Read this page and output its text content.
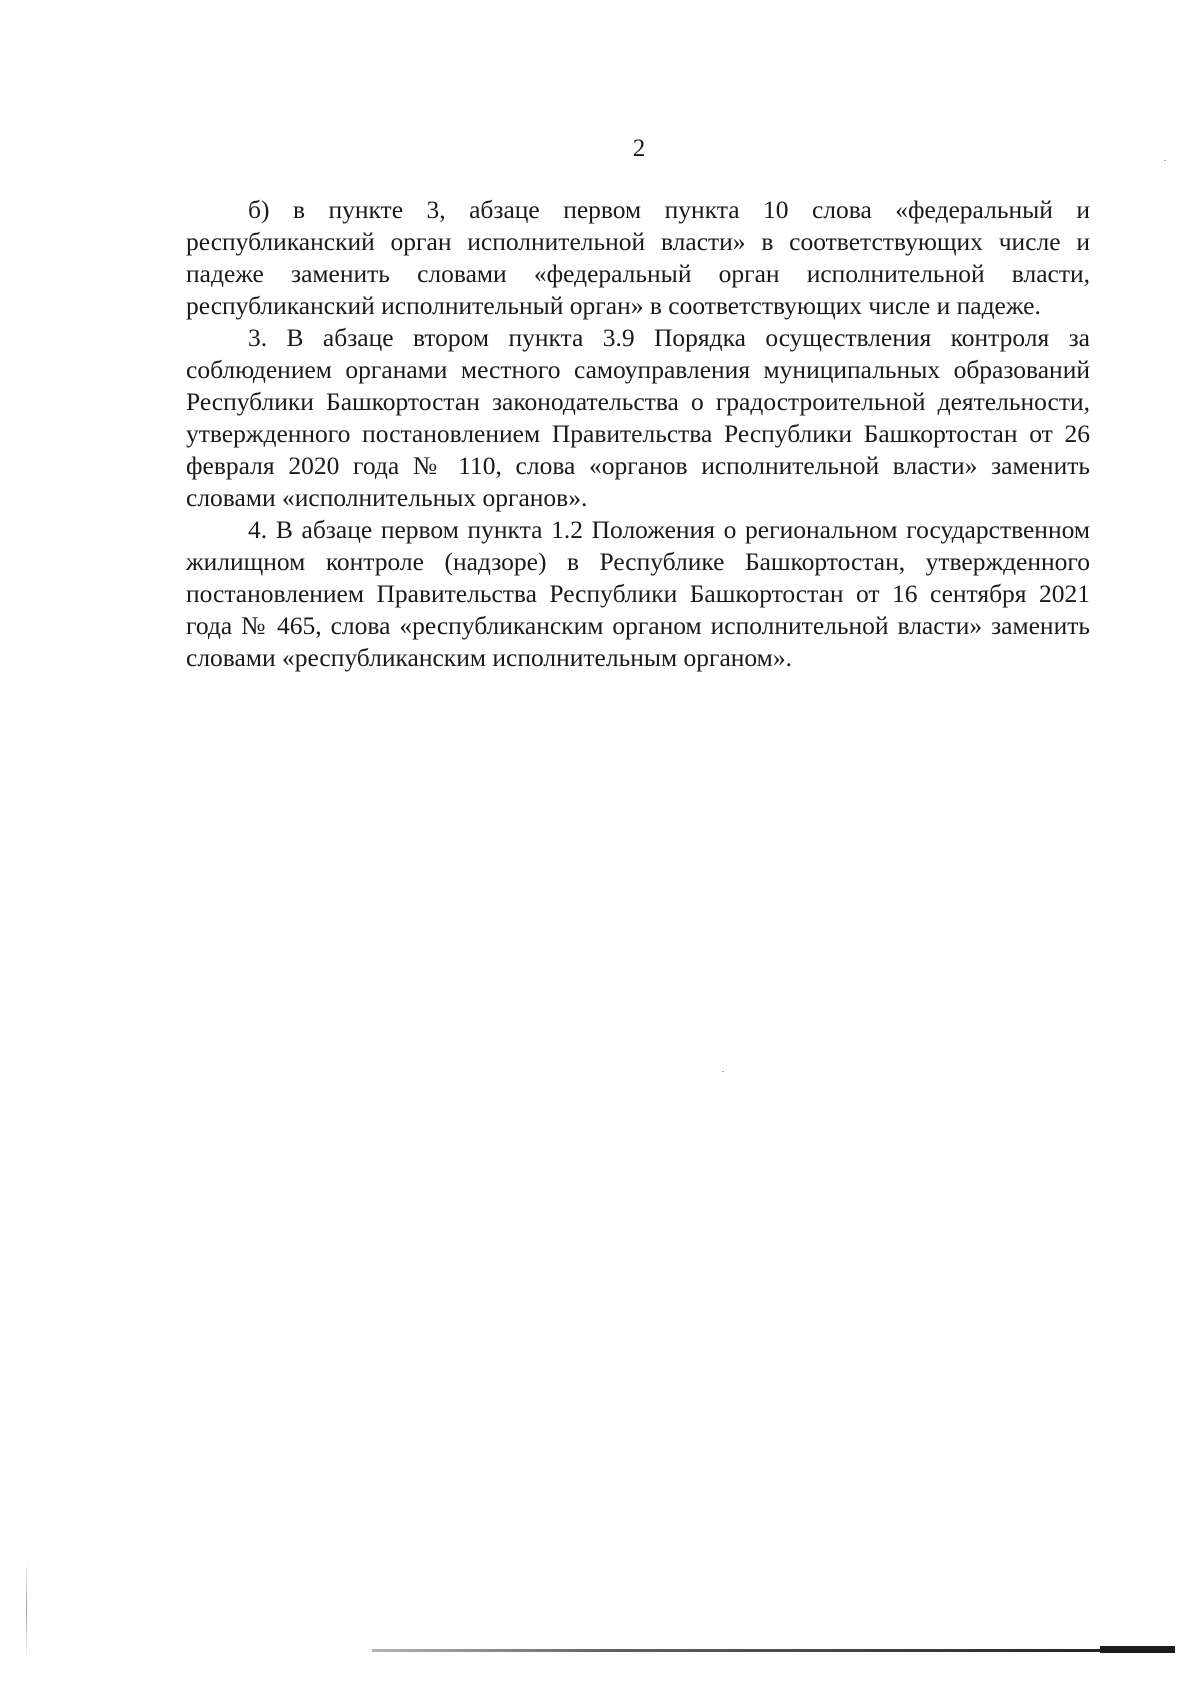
2

б) в пункте 3, абзаце первом пункта 10 слова «федеральный и республиканский орган исполнительной власти» в соответствующих числе и падеже заменить словами «федеральный орган исполнительной власти, республиканский исполнительный орган» в соответствующих числе и падеже.

3. В абзаце втором пункта 3.9 Порядка осуществления контроля за соблюдением органами местного самоуправления муниципальных образований Республики Башкортостан законодательства о градостроительной деятельности, утвержденного постановлением Правительства Республики Башкортостан от 26 февраля 2020 года № 110, слова «органов исполнительной власти» заменить словами «исполнительных органов».

4. В абзаце первом пункта 1.2 Положения о региональном государственном жилищном контроле (надзоре) в Республике Башкортостан, утвержденного постановлением Правительства Республики Башкортостан от 16 сентября 2021 года № 465, слова «республиканским органом исполнительной власти» заменить словами «республиканским исполнительным органом».
